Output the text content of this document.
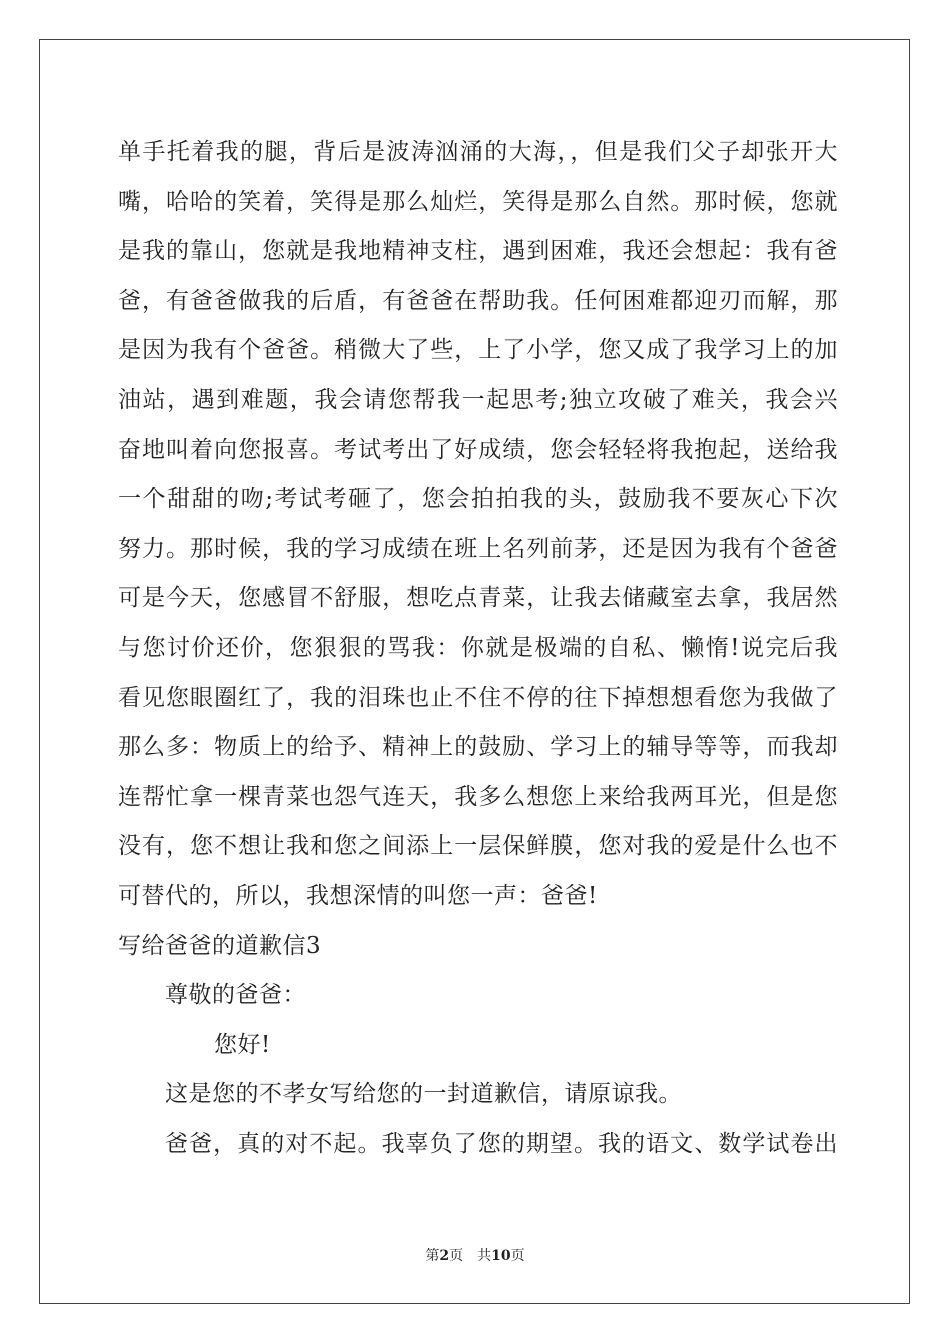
单手托着我的腿，背后是波涛汹涌的大海，，但是我们父子却张开大
嘴，哈哈的笑着，笑得是那么灿烂，笑得是那么自然。那时候，您就
是我的靠山，您就是我地精神支柱，遇到困难，我还会想起：我有爸
爸，有爸爸做我的后盾，有爸爸在帮助我。任何困难都迎刃而解，那
是因为我有个爸爸。稍微大了些，上了小学，您又成了我学习上的加
油站，遇到难题，我会请您帮我一起思考;独立攻破了难关，我会兴
奋地叫着向您报喜。考试考出了好成绩，您会轻轻将我抱起，送给我
一个甜甜的吻;考试考砸了，您会拍拍我的头，鼓励我不要灰心下次
努力。那时候，我的学习成绩在班上名列前茅，还是因为我有个爸爸
可是今天，您感冒不舒服，想吃点青菜，让我去储藏室去拿，我居然
与您讨价还价，您狠狠的骂我：你就是极端的自私、懒惰!说完后我
看见您眼圈红了，我的泪珠也止不住不停的往下掉想想看您为我做了
那么多：物质上的给予、精神上的鼓励、学习上的辅导等等，而我却
连帮忙拿一棵青菜也怨气连天，我多么想您上来给我两耳光，但是您
没有，您不想让我和您之间添上一层保鲜膜，您对我的爱是什么也不
可替代的，所以，我想深情的叫您一声：爸爸!
写给爸爸的道歉信3
尊敬的爸爸：
您好!
这是您的不孝女写给您的一封道歉信，请原谅我。
爸爸，真的对不起。我辜负了您的期望。我的语文、数学试卷出
第2页 共10页
